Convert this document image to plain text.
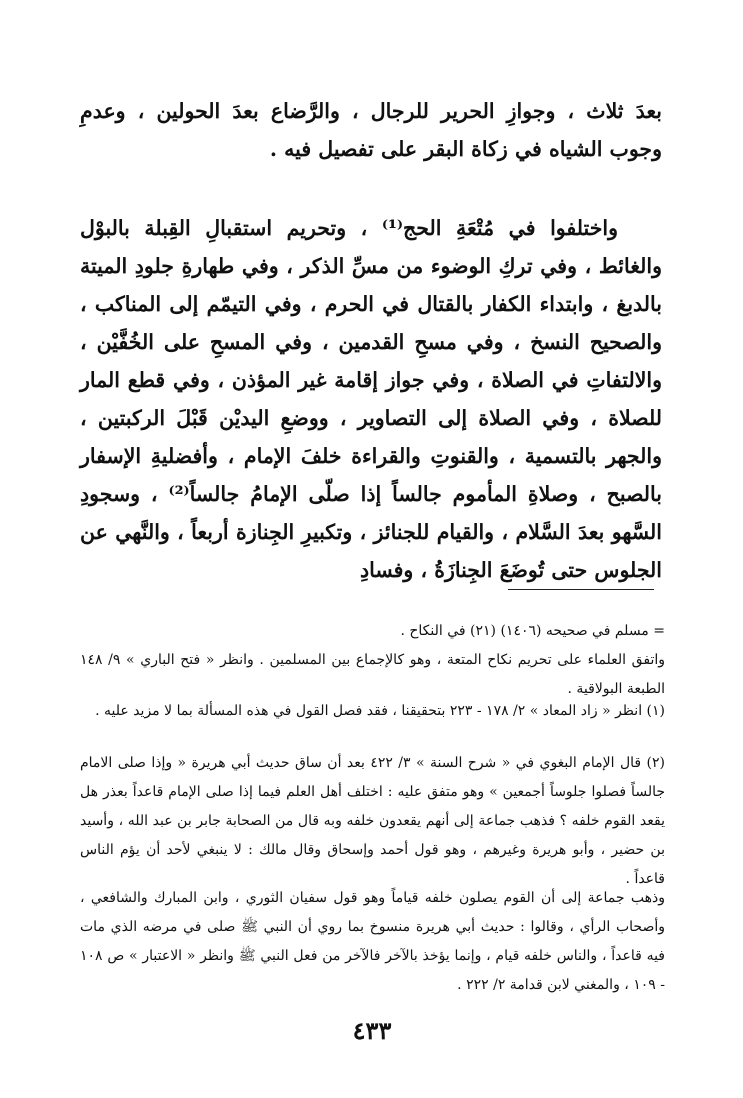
بعدَ ثلاث ، وجوازِ الحرير للرجال ، والرَّضاع بعدَ الحولين ، وعدمِ وجوب الشياه في زكاة البقر على تفصيل فيه .

واختلفوا في مُتْعَةِ الحج⁽¹⁾ ، وتحريم استقبالِ القِبلة بالبوْل والغائط ، وفي تركِ الوضوء من مسِّ الذكر ، وفي طهارةِ جلودِ الميتة بالدبغ ، وابتداء الكفار بالقتال في الحرم ، وفي التيمّم إلى المناكب ، والصحيح النسخ ، وفي مسحِ القدمين ، وفي المسحِ على الخُفَّيْن ، والالتفاتِ في الصلاة ، وفي جواز إقامة غير المؤذن ، وفي قطع المار للصلاة ، وفي الصلاة إلى التصاوير ، ووضعِ اليديْن قَبْلَ الركبتين ، والجهر بالتسمية ، والقنوتِ والقراءة خلفَ الإمام ، وأفضليةِ الإسفار بالصبح ، وصلاةِ المأموم جالساً إذا صلّى الإمامُ جالساً⁽²⁾ ، وسجودِ السَّهو بعدَ السَّلام ، والقيام للجنائز ، وتكبيرِ الجِنازة أربعاً ، والنَّهي عن الجلوس حتى تُوضَعَ الجِنازَةُ ، وفسادِ

= مسلم في صحيحه (١٤٠٦) (٢١) في النكاح .

واتفق العلماء على تحريم نكاح المتعة ، وهو كالإجماع بين المسلمين . وانظر « فتح الباري » ٩/ ١٤٨ الطبعة البولاقية .

(١) انظر « زاد المعاد » ٢/ ١٧٨ - ٢٢٣ بتحقيقنا ، فقد فصل القول في هذه المسألة بما لا مزيد عليه .

(٢) قال الإمام البغوي في « شرح السنة » ٣/ ٤٢٢ بعد أن ساق حديث أبي هريرة « وإذا صلى الامام جالساً فصلوا جلوساً أجمعين » وهو متفق عليه : اختلف أهل العلم فيما إذا صلى الإمام قاعداً بعذر هل يقعد القوم خلفه ؟ فذهب جماعة إلى أنهم يقعدون خلفه وبه قال من الصحابة جابر بن عبد الله ، وأسيد بن حضير ، وأبو هريرة وغيرهم ، وهو قول أحمد وإسحاق وقال مالك : لا ينبغي لأحد أن يؤم الناس قاعداً .

وذهب جماعة إلى أن القوم يصلون خلفه قياماً وهو قول سفيان الثوري ، وابن المبارك والشافعي ، وأصحاب الرأي ، وقالوا : حديث أبي هريرة منسوخ بما روي أن النبي ﷺ صلى في مرضه الذي مات فيه قاعداً ، والناس خلفه قيام ، وإنما يؤخذ بالآخر فالآخر من فعل النبي ﷺ وانظر « الاعتبار » ص ١٠٨ - ١٠٩ ، والمغني لابن قدامة ٢/ ٢٢٢ .

٤٣٣
